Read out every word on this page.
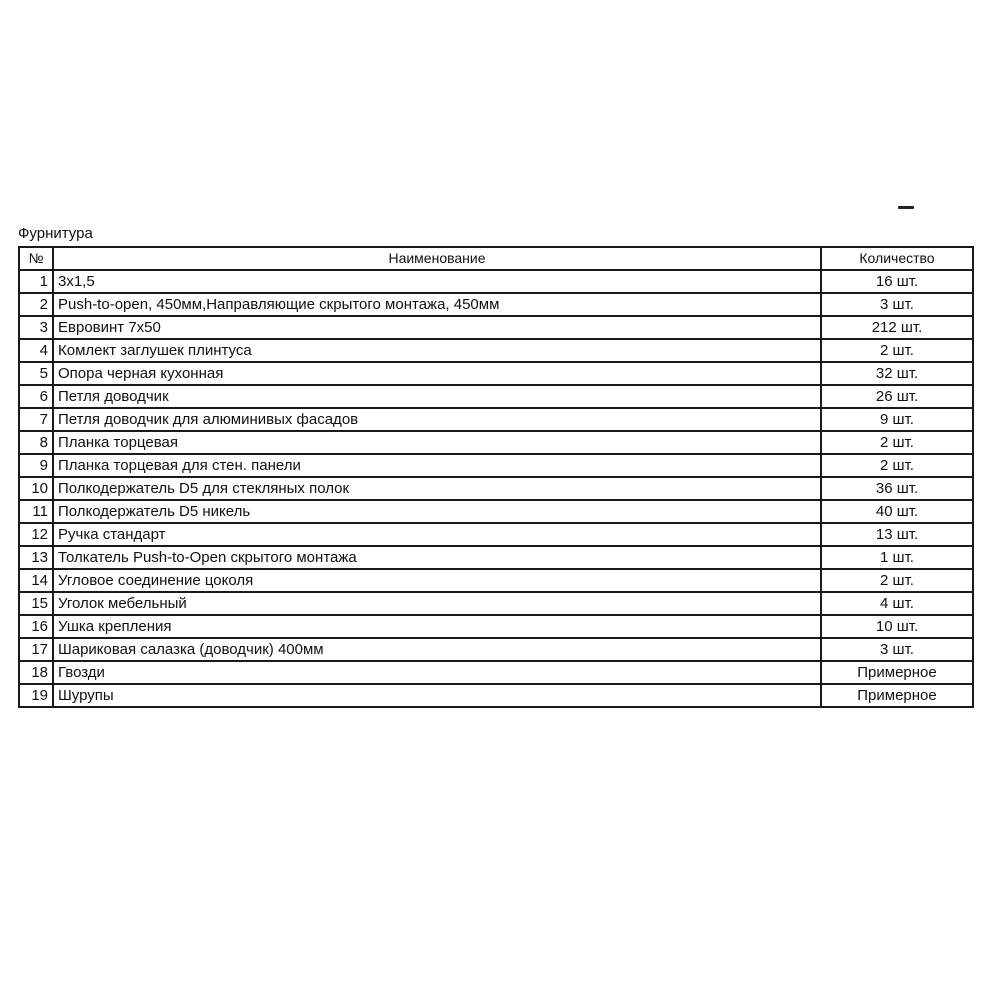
Фурнитура
№	Наименование	Количество
1	3x1,5	16 шт.
2	Push-to-open, 450мм,Направляющие скрытого монтажа, 450мм	3 шт.
3	Евровинт 7x50	212 шт.
4	Комлект заглушек плинтуса	2 шт.
5	Опора черная кухонная	32 шт.
6	Петля доводчик	26 шт.
7	Петля доводчик для алюминивых фасадов	9 шт.
8	Планка торцевая	2 шт.
9	Планка торцевая для стен. панели	2 шт.
10	Полкодержатель D5 для стекляных полок	36 шт.
11	Полкодержатель D5 никель	40 шт.
12	Ручка стандарт	13 шт.
13	Толкатель Push-to-Open скрытого монтажа	1 шт.
14	Угловое соединение цоколя	2 шт.
15	Уголок мебельный	4 шт.
16	Ушка крепления	10 шт.
17	Шариковая салазка (доводчик) 400мм	3 шт.
18	Гвозди	Примерное
19	Шурупы	Примерное
